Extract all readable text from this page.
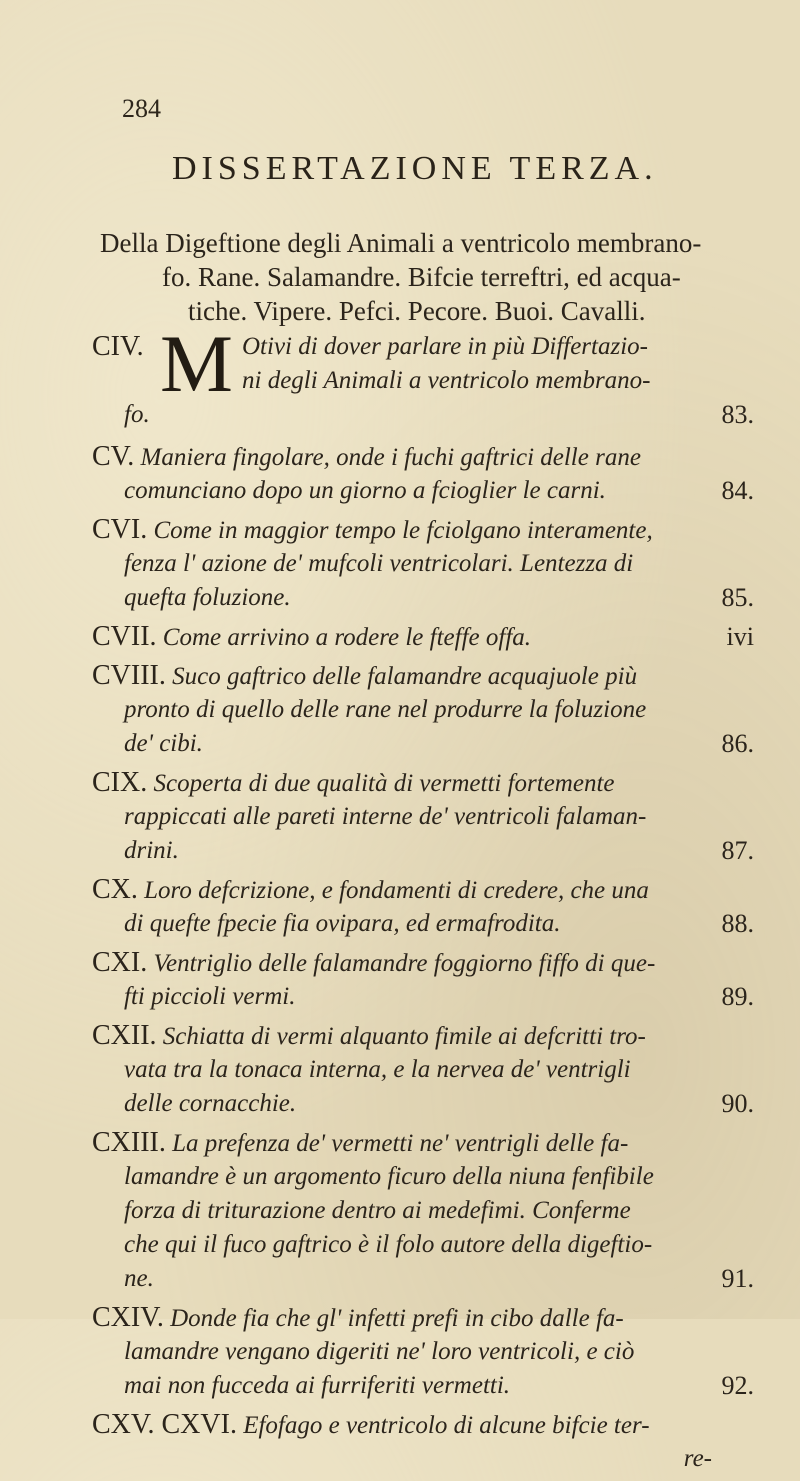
284
DISSERTAZIONE TERZA.
Della Digeftione degli Animali a ventricolo membrano-
fo. Rane. Salamandre. Bifcie terreftri, ed acqua-
tiche. Vipere. Pefci. Pecore. Buoi. Cavalli.
CIV. M Otivi di dover parlare in più Differtazio-
ni degli Animali a ventricolo membrano-
fo.	83.
CV. Maniera fingolare, onde i fuchi gaftrici delle rane
comunciano dopo un giorno a fcioglier le carni.	84.
CVI. Come in maggior tempo le fciolgano interamente,
fenza l' azione de' mufcoli ventricolari. Lentezza di
quefta foluzione.	85.
CVII. Come arrivino a rodere le fteffe offa.	ivi
CVIII. Suco gaftrico delle falamandre acquajuole più
pronto di quello delle rane nel produrre la foluzione
de' cibi.	86.
CIX. Scoperta di due qualità di vermetti fortemente
rappiccati alle pareti interne de' ventricoli falaman-
drini.	87.
CX. Loro defcrizione, e fondamenti di credere, che una
di quefte fpecie fia ovipara, ed ermafrodita.	88.
CXI. Ventriglio delle falamandre foggiorno fiffo di que-
fti piccioli vermi.	89.
CXII. Schiatta di vermi alquanto fimile ai defcritti tro-
vata tra la tonaca interna, e la nervea de' ventrigli
delle cornacchie.	90.
CXIII. La prefenza de' vermetti ne' ventrigli delle fa-
lamandre è un argomento ficuro della niuna fenfibile
forza di triturazione dentro ai medefimi. Conferme
che qui il fuco gaftrico è il folo autore della digeftio-
ne.	91.
CXIV. Donde fia che gl' infetti prefi in cibo dalle fa-
lamandre vengano digeriti ne' loro ventricoli, e ciò
mai non fucceda ai furriferiti vermetti.	92.
CXV. CXVI. Efofago e ventricolo di alcune bifcie ter-
re-
